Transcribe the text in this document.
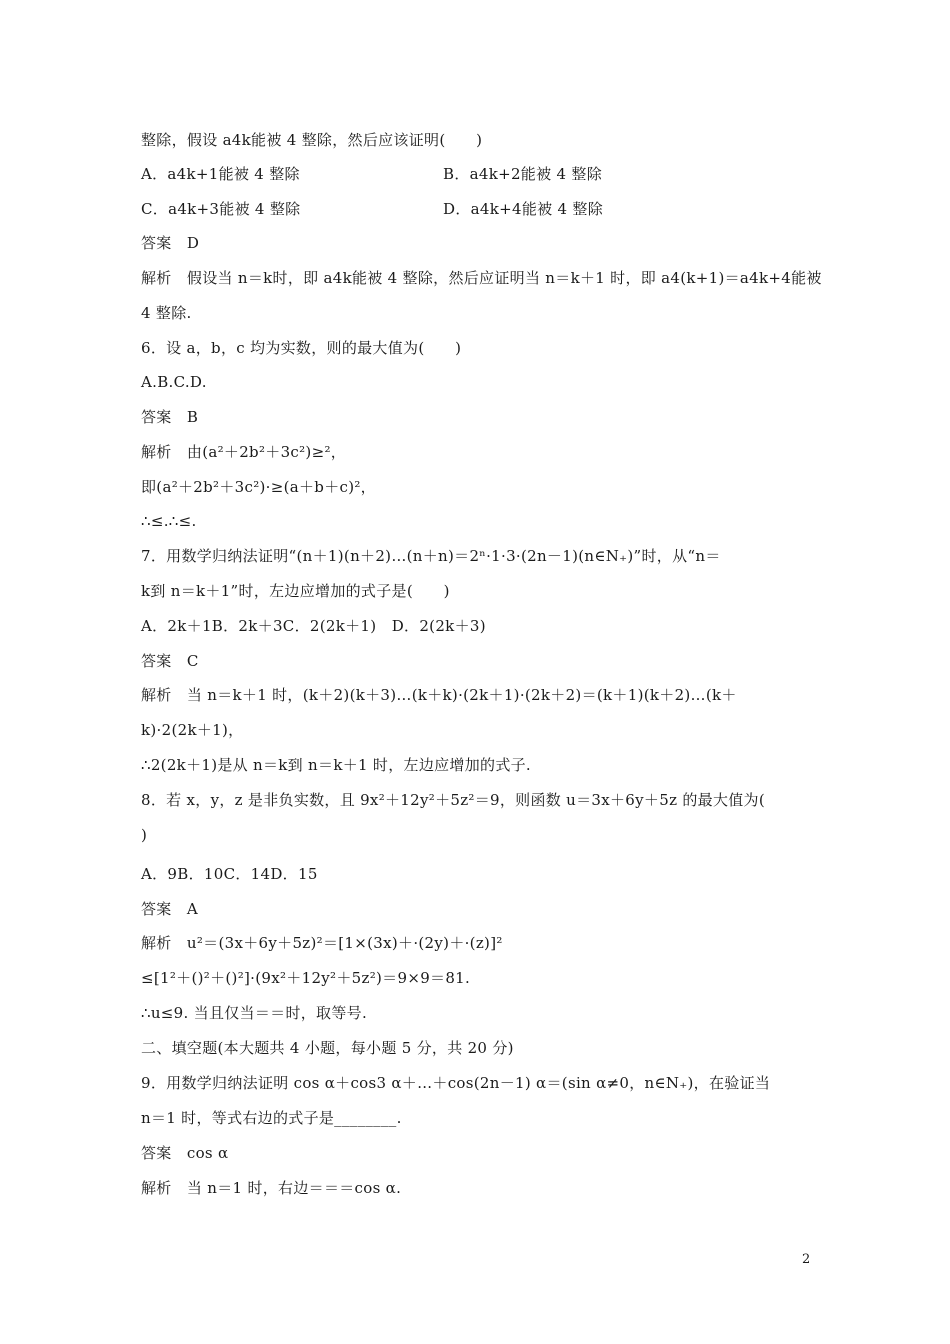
整除，假设 a4k能被 4 整除，然后应该证明(　　)
A．a4k+1能被 4 整除	B．a4k+2能被 4 整除
C．a4k+3能被 4 整除	D．a4k+4能被 4 整除
答案　D
解析　假设当 n＝k时，即 a4k能被 4 整除，然后应证明当 n＝k＋1 时，即 a4(k+1)＝a4k+4能被
4 整除.
6．设 a，b，c 均为实数，则的最大值为(　　)
A.B.C.D.
答案　B
解析　由(a²＋2b²＋3c²)≥²，
即(a²＋2b²＋3c²)·≥(a＋b＋c)²，
∴≤.∴≤.
7．用数学归纳法证明“(n＋1)(n＋2)…(n＋n)＝2ⁿ·1·3·(2n－1)(n∈N₊)”时，从“n＝
k到 n＝k＋1”时，左边应增加的式子是(　　)
A．2k＋1B．2k＋3C．2(2k＋1)　D．2(2k＋3)
答案　C
解析　当 n＝k＋1 时，(k＋2)(k＋3)…(k＋k)·(2k＋1)·(2k＋2)＝(k＋1)(k＋2)…(k＋
k)·2(2k＋1)，
∴2(2k＋1)是从 n＝k到 n＝k＋1 时，左边应增加的式子.
8．若 x，y，z 是非负实数，且 9x²＋12y²＋5z²＝9，则函数 u＝3x＋6y＋5z 的最大值为(
)
A．9B．10C．14D．15
答案　A
解析　u²＝(3x＋6y＋5z)²＝[1×(3x)＋·(2y)＋·(z)]²
≤[1²＋()²＋()²]·(9x²＋12y²＋5z²)＝9×9＝81.
∴u≤9. 当且仅当＝＝时，取等号.
二、填空题(本大题共 4 小题，每小题 5 分，共 20 分)
9．用数学归纳法证明 cos α＋cos3 α＋…＋cos(2n－1) α＝(sin α≠0，n∈N₊)，在验证当
n＝1 时，等式右边的式子是________.
答案　cos α
解析　当 n＝1 时，右边＝＝＝cos α.
2
